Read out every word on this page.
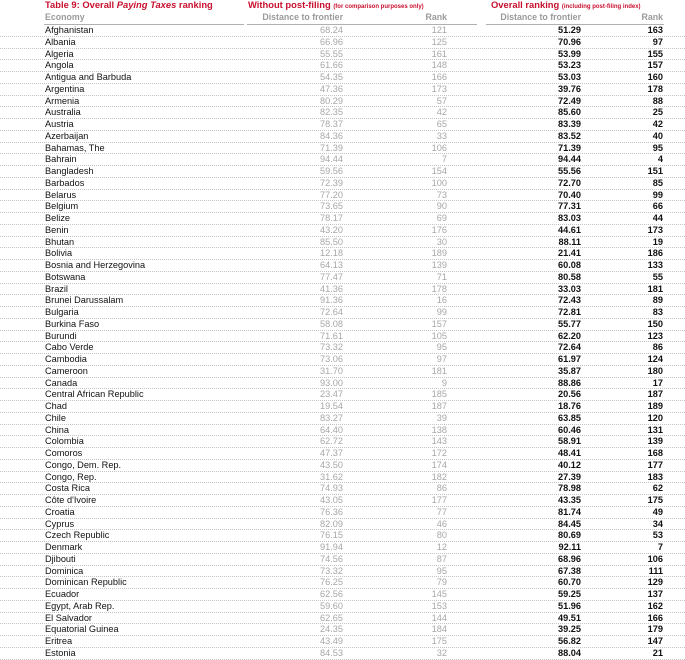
Table 9: Overall Paying Taxes ranking	Without post-filing (for comparison purposes only)	Overall ranking (including post-filing index)
Economy	Distance to frontier	Rank	Distance to frontier	Rank
Afghanistan	68.24	121	51.29	163
Albania	66.96	125	70.96	97
Algeria	55.55	161	53.99	155
Angola	61.66	148	53.23	157
Antigua and Barbuda	54.35	166	53.03	160
Argentina	47.36	173	39.76	178
Armenia	80.29	57	72.49	88
Australia	82.35	42	85.60	25
Austria	78.37	65	83.39	42
Azerbaijan	84.36	33	83.52	40
Bahamas, The	71.39	106	71.39	95
Bahrain	94.44	7	94.44	4
Bangladesh	59.56	154	55.56	151
Barbados	72.39	100	72.70	85
Belarus	77.20	73	70.40	99
Belgium	73.65	90	77.31	66
Belize	78.17	69	83.03	44
Benin	43.20	176	44.61	173
Bhutan	85.50	30	88.11	19
Bolivia	12.18	189	21.41	186
Bosnia and Herzegovina	64.13	139	60.08	133
Botswana	77.47	71	80.58	55
Brazil	41.36	178	33.03	181
Brunei Darussalam	91.36	16	72.43	89
Bulgaria	72.64	99	72.81	83
Burkina Faso	58.08	157	55.77	150
Burundi	71.61	105	62.20	123
Cabo Verde	73.32	95	72.64	86
Cambodia	73.06	97	61.97	124
Cameroon	31.70	181	35.87	180
Canada	93.00	9	88.86	17
Central African Republic	23.47	185	20.56	187
Chad	19.54	187	18.76	189
Chile	83.27	39	63.85	120
China	64.40	138	60.46	131
Colombia	62.72	143	58.91	139
Comoros	47.37	172	48.41	168
Congo, Dem. Rep.	43.50	174	40.12	177
Congo, Rep.	31.62	182	27.39	183
Costa Rica	74.93	86	78.98	62
Côte d'Ivoire	43.05	177	43.35	175
Croatia	76.36	77	81.74	49
Cyprus	82.09	46	84.45	34
Czech Republic	76.15	80	80.69	53
Denmark	91.94	12	92.11	7
Djibouti	74.56	87	68.96	106
Dominica	73.32	95	67.38	111
Dominican Republic	76.25	79	60.70	129
Ecuador	62.56	145	59.25	137
Egypt, Arab Rep.	59.60	153	51.96	162
El Salvador	62.65	144	49.51	166
Equatorial Guinea	24.35	184	39.25	179
Eritrea	43.49	175	56.82	147
Estonia	84.53	32	88.04	21
